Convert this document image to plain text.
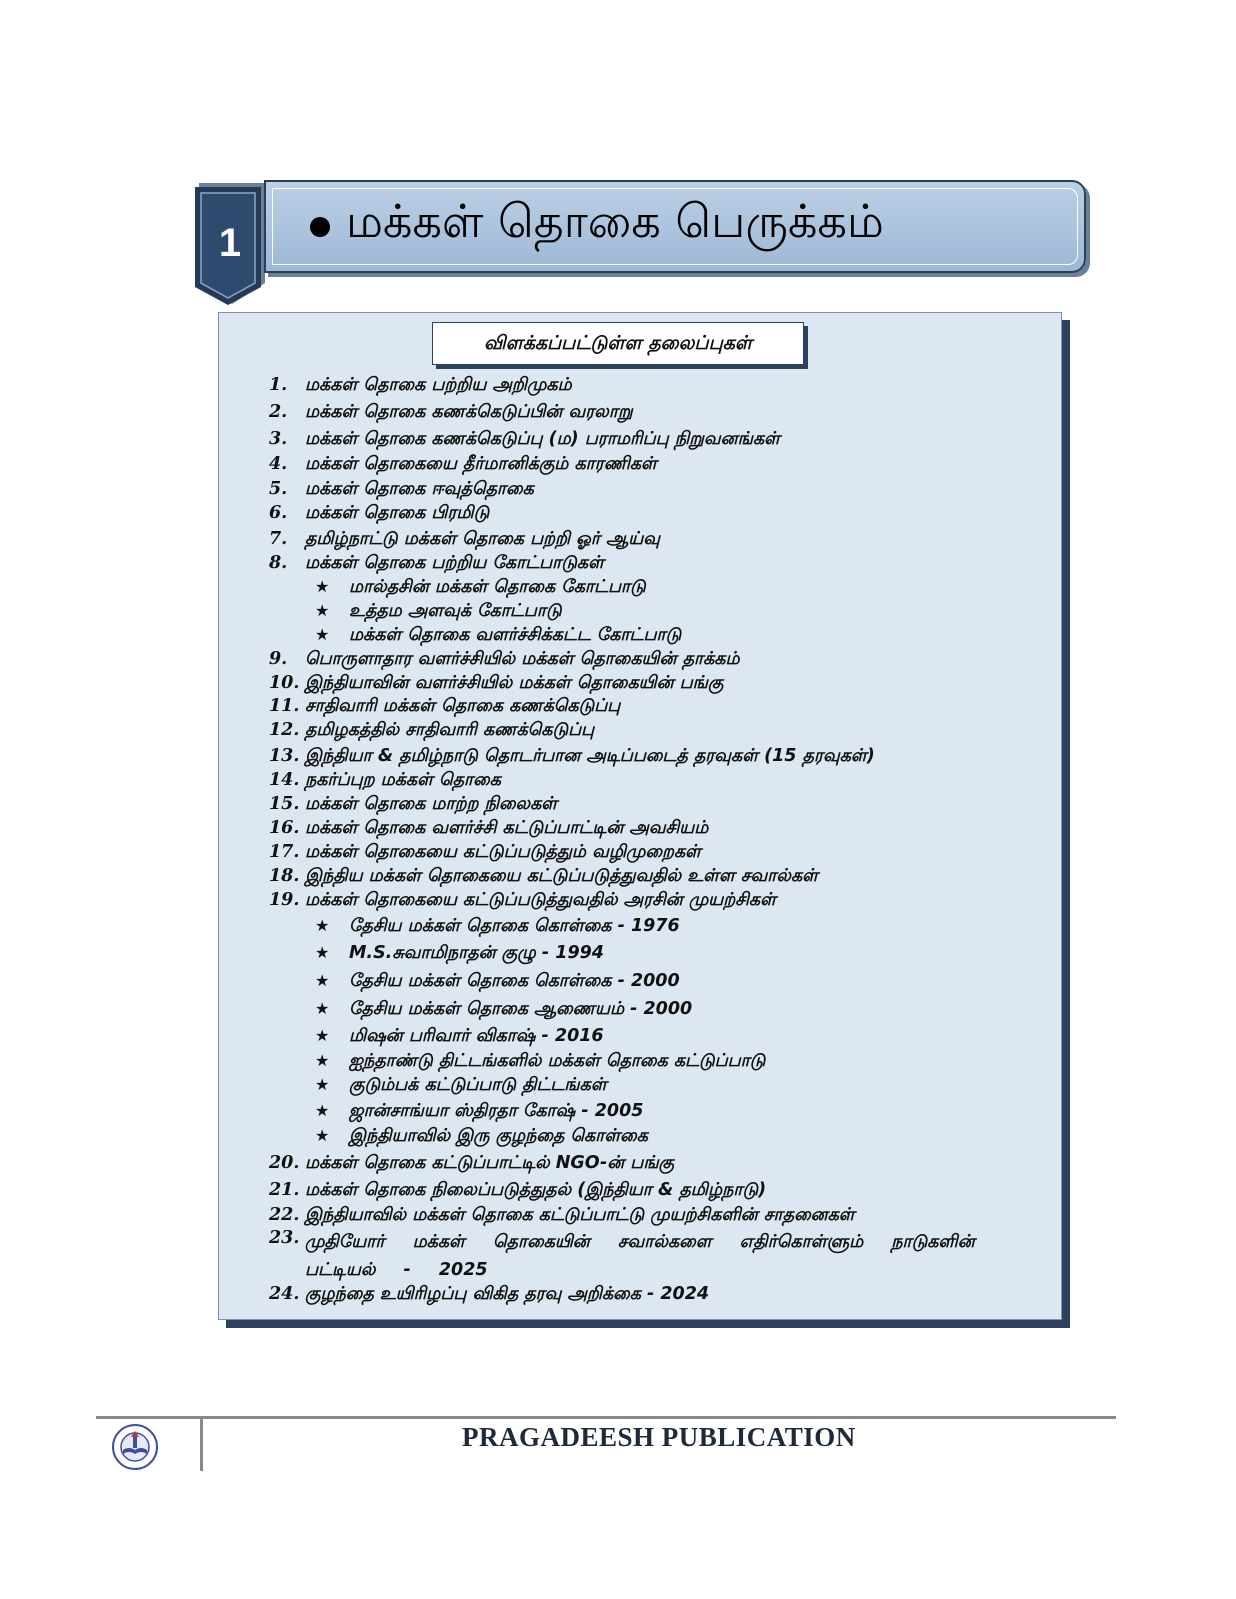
1	மக்கள் தொகை பெருக்கம்
விளக்கப்பட்டுள்ள தலைப்புகள்
1. மக்கள் தொகை பற்றிய அறிமுகம்
2. மக்கள் தொகை கணக்கெடுப்பின் வரலாறு
3. மக்கள் தொகை கணக்கெடுப்பு (ம) பராமரிப்பு நிறுவனங்கள்
4. மக்கள் தொகையை தீர்மானிக்கும் காரணிகள்
5. மக்கள் தொகை ஈவுத்தொகை
6. மக்கள் தொகை பிரமிடு
7. தமிழ்நாட்டு மக்கள் தொகை பற்றி ஓர் ஆய்வு
8. மக்கள் தொகை பற்றிய கோட்பாடுகள்
★ மால்தசின் மக்கள் தொகை கோட்பாடு
★ உத்தம அளவுக் கோட்பாடு
★ மக்கள் தொகை வளர்ச்சிக்கட்ட கோட்பாடு
9. பொருளாதார வளர்ச்சியில் மக்கள் தொகையின் தாக்கம்
10. இந்தியாவின் வளர்ச்சியில் மக்கள் தொகையின் பங்கு
11. சாதிவாரி மக்கள் தொகை கணக்கெடுப்பு
12. தமிழகத்தில் சாதிவாரி கணக்கெடுப்பு
13. இந்தியா & தமிழ்நாடு தொடர்பான அடிப்படைத் தரவுகள் (15 தரவுகள்)
14. நகர்ப்புற மக்கள் தொகை
15. மக்கள் தொகை மாற்ற நிலைகள்
16. மக்கள் தொகை வளர்ச்சி கட்டுப்பாட்டின் அவசியம்
17. மக்கள் தொகையை கட்டுப்படுத்தும் வழிமுறைகள்
18. இந்திய மக்கள் தொகையை கட்டுப்படுத்துவதில் உள்ள சவால்கள்
19. மக்கள் தொகையை கட்டுப்படுத்துவதில் அரசின் முயற்சிகள்
★ தேசிய மக்கள் தொகை கொள்கை - 1976
★ M.S.சுவாமிநாதன் குழு - 1994
★ தேசிய மக்கள் தொகை கொள்கை - 2000
★ தேசிய மக்கள் தொகை ஆணையம் - 2000
★ மிஷன் பரிவார் விகாஷ் - 2016
★ ஐந்தாண்டு திட்டங்களில் மக்கள் தொகை கட்டுப்பாடு
★ குடும்பக் கட்டுப்பாடு திட்டங்கள்
★ ஜான்சாங்யா ஸ்திரதா கோஷ் - 2005
★ இந்தியாவில் இரு குழந்தை கொள்கை
20. மக்கள் தொகை கட்டுப்பாட்டில் NGO-ன் பங்கு
21. மக்கள் தொகை நிலைப்படுத்துதல் (இந்தியா & தமிழ்நாடு)
22. இந்தியாவில் மக்கள் தொகை கட்டுப்பாட்டு முயற்சிகளின் சாதனைகள்
23. முதியோர் மக்கள் தொகையின் சவால்களை எதிர்கொள்ளும் நாடுகளின் பட்டியல் - 2025
24. குழந்தை உயிரிழப்பு விகித தரவு அறிக்கை - 2024
PRAGADEESH PUBLICATION
